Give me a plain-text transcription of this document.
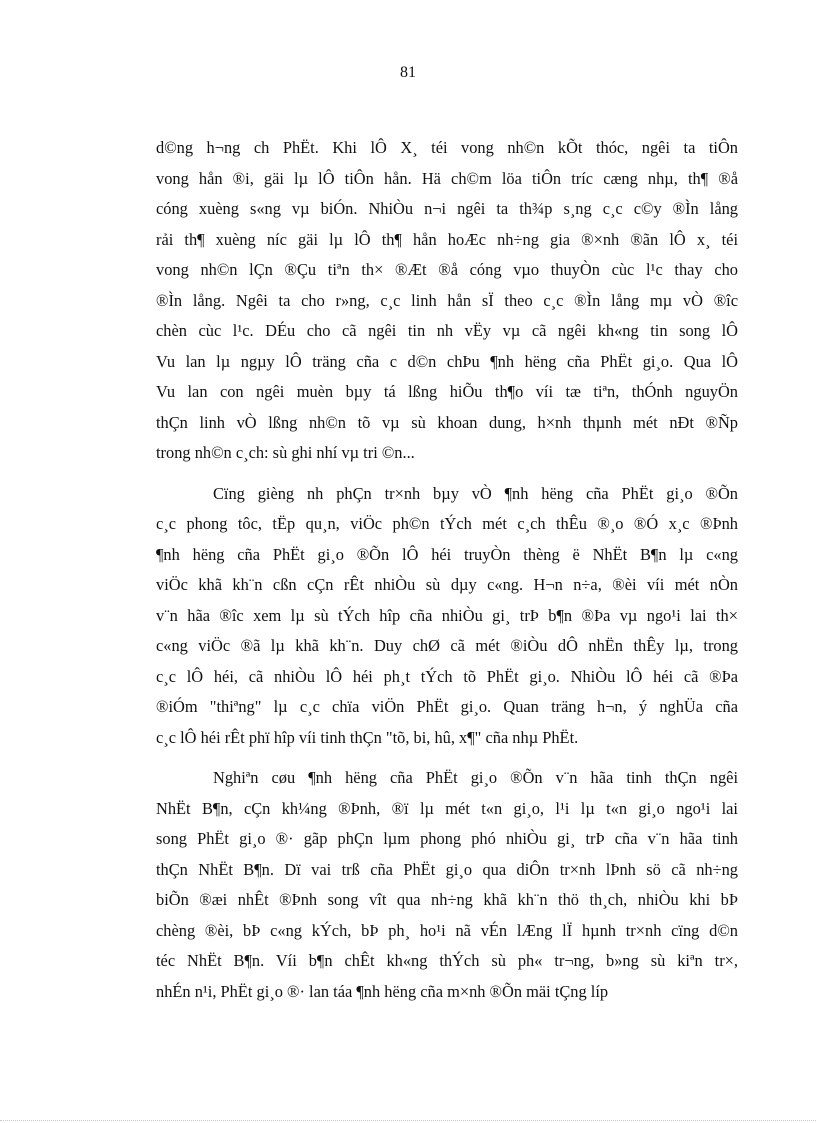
81

d©ng h¬ng ch PhËt. Khi lÔ X¸ téi vong nh©n kÕt thóc, ngêi ta tiÔn
vong hån ®i, gäi lµ lÔ tiÔn hån. Hä ch©m löa tiÔn tríc cæng nhµ, th¶ ®å
cóng xuèng s«ng vµ biÓn. NhiÒu n¬i ngêi ta th¾p s¸ng c¸c c©y ®Ìn lång
rải th¶ xuèng níc gäi lµ lÔ th¶ hån hoÆc nh÷ng gia ®×nh ®ãn lÔ x¸ téi
vong nh©n lÇn ®Çu tiªn th× ®Æt ®å cóng vµo thuyÒn cùc l¹c thay cho
®Ìn lång. Ngêi ta cho r»ng, c¸c linh hån sÏ theo c¸c ®Ìn lång mµ vÒ ®îc
chèn cùc l¹c. DÉu cho cã ngêi tin nh vËy vµ cã ngêi kh«ng tin song lÔ
Vu lan lµ ngµy lÔ träng cña c d©n chÞu ¶nh hëng cña PhËt gi¸o. Qua lÔ
Vu lan con ngêi muèn bµy tá lßng hiÕu th¶o víi tæ tiªn, thÓnh nguyÖn
thÇn linh vÒ lßng nh©n tõ vµ sù khoan dung, h×nh thµnh mét nÐt ®Ñp
trong nh©n c¸ch: sù ghi nhí vµ tri ©n...

Cïng gièng nh phÇn tr×nh bµy vÒ ¶nh hëng cña PhËt gi¸o ®Õn
c¸c phong tôc, tËp qu¸n, viÖc ph©n tÝch mét c¸ch thÊu ®¸o ®Ó x¸c ®Þnh
¶nh hëng cña PhËt gi¸o ®Õn lÔ héi truyÒn thèng ë NhËt B¶n lµ c«ng
viÖc khã kh¨n cßn cÇn rÊt nhiÒu sù dµy c«ng. H¬n n÷a, ®èi víi mét nÒn
v¨n hãa ®îc xem lµ sù tÝch hîp cña nhiÒu gi¸ trÞ b¶n ®Þa vµ ngo¹i lai th×
c«ng viÖc ®ã lµ khã kh¨n. Duy chØ cã mét ®iÒu dÔ nhËn thÊy lµ, trong
c¸c lÔ héi, cã nhiÒu lÔ héi ph¸t tÝch tõ PhËt gi¸o. NhiÒu lÔ héi cã ®Þa
®iÓm "thiªng" lµ c¸c chïa viÖn PhËt gi¸o. Quan träng h¬n, ý nghÜa cña
c¸c lÔ héi rÊt phï hîp víi tinh thÇn "tõ, bi, hû, x¶" cña nhµ PhËt.

Nghiªn cøu ¶nh hëng cña PhËt gi¸o ®Õn v¨n hãa tinh thÇn ngêi
NhËt B¶n, cÇn kh¼ng ®Þnh, ®ï lµ mét t«n gi¸o, l¹i lµ t«n gi¸o ngo¹i lai
song PhËt gi¸o ®· gãp phÇn lµm phong phó nhiÒu gi¸ trÞ cña v¨n hãa tinh
thÇn NhËt B¶n. Dï vai trß cña PhËt gi¸o qua diÔn tr×nh lÞnh sö cã nh÷ng
biÕn ®æi nhÊt ®Þnh song vît qua nh÷ng khã kh¨n thö th¸ch, nhiÒu khi bÞ
chèng ®èi, bÞ c«ng kÝch, bÞ ph¸ ho¹i nã vÉn lÆng lÏ hµnh tr×nh cïng d©n
téc NhËt B¶n. Víi b¶n chÊt kh«ng thÝch sù ph« tr¬ng, b»ng sù kiªn tr×,
nhÉn n¹i, PhËt gi¸o ®· lan táa ¶nh hëng cña m×nh ®Õn mäi tÇng líp
